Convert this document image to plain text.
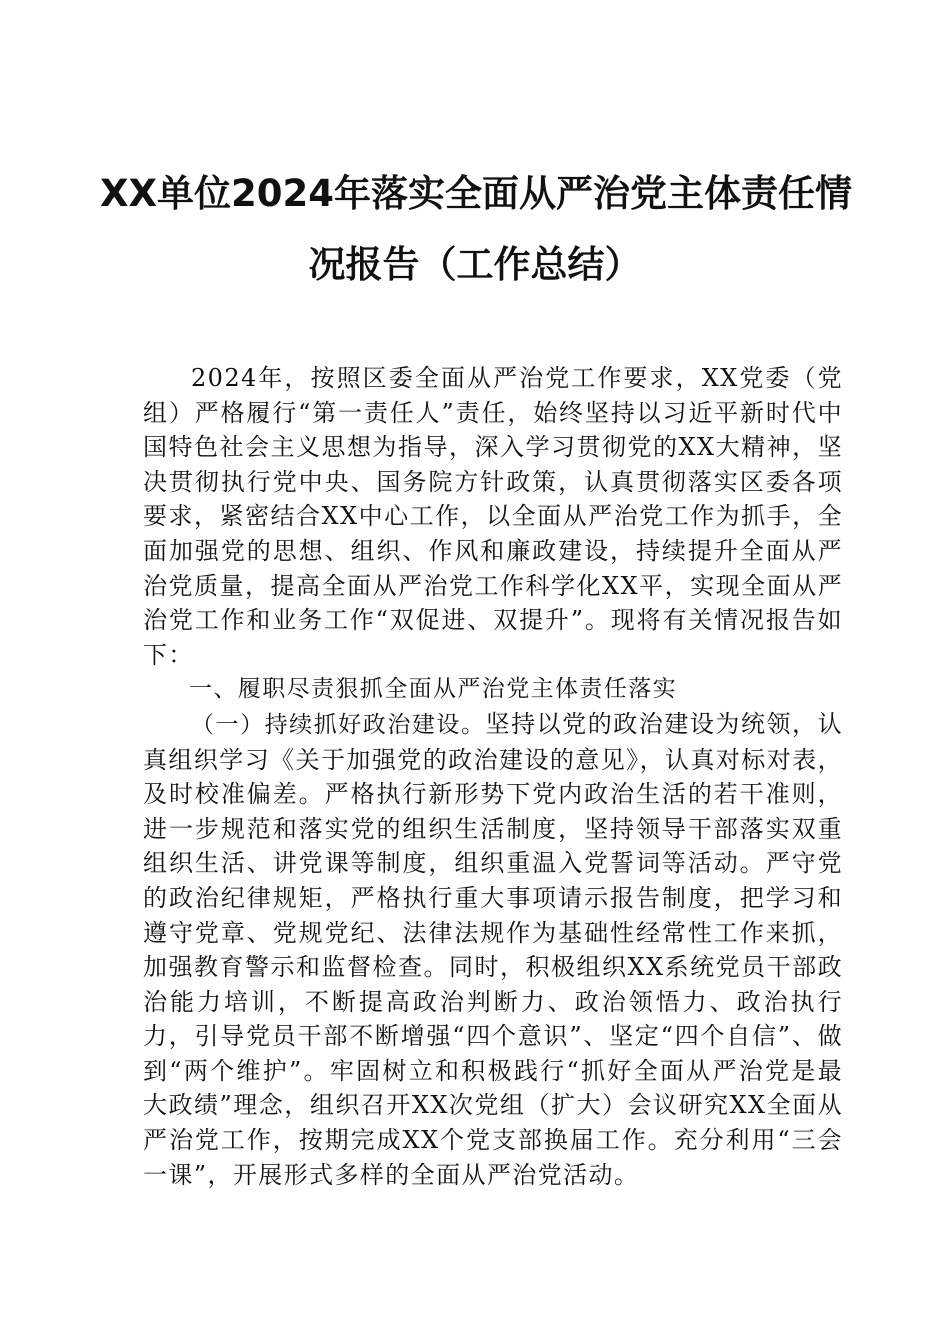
XX单位2024年落实全面从严治党主体责任情
况报告（工作总结）

2024年，按照区委全面从严治党工作要求，XX党委（党组）严格履行“第一责任人”责任，始终坚持以习近平新时代中国特色社会主义思想为指导，深入学习贯彻党的XX大精神，坚决贯彻执行党中央、国务院方针政策，认真贯彻落实区委各项要求，紧密结合XX中心工作，以全面从严治党工作为抓手，全面加强党的思想、组织、作风和廉政建设，持续提升全面从严治党质量，提高全面从严治党工作科学化XX平，实现全面从严治党工作和业务工作“双促进、双提升”。现将有关情况报告如下：

一、履职尽责狠抓全面从严治党主体责任落实

（一）持续抓好政治建设。坚持以党的政治建设为统领，认真组织学习《关于加强党的政治建设的意见》，认真对标对表，及时校准偏差。严格执行新形势下党内政治生活的若干准则，进一步规范和落实党的组织生活制度，坚持领导干部落实双重组织生活、讲党课等制度，组织重温入党誓词等活动。严守党的政治纪律规矩，严格执行重大事项请示报告制度，把学习和遵守党章、党规党纪、法律法规作为基础性经常性工作来抓，加强教育警示和监督检查。同时，积极组织XX系统党员干部政治能力培训，不断提高政治判断力、政治领悟力、政治执行力，引导党员干部不断增强“四个意识”、坚定“四个自信”、做到“两个维护”。牢固树立和积极践行“抓好全面从严治党是最大政绩”理念，组织召开XX次党组（扩大）会议研究XX全面从严治党工作，按期完成XX个党支部换届工作。充分利用“三会一课”，开展形式多样的全面从严治党活动。
